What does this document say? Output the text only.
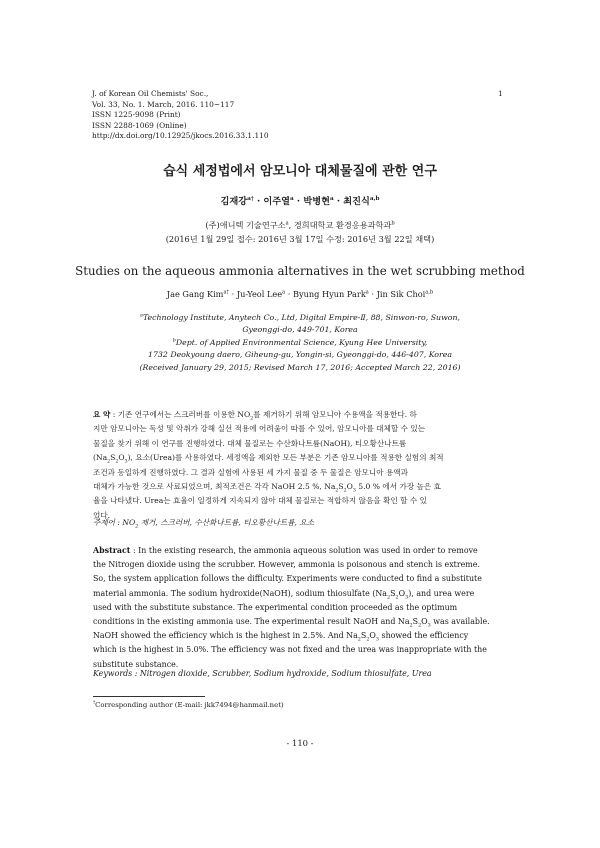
J. of Korean Oil Chemists' Soc.,
Vol. 33, No. 1. March, 2016. 110~117
ISSN 1225-9098 (Print)
ISSN 2288-1069 (Online)
http://dx.doi.org/10.12925/jkocs.2016.33.1.110
1
습식 세정법에서 암모니아 대체물질에 관한 연구
김재강$^{a\dagger}$ · 이주열$^a$ · 박병현$^a$ · 최진식$^{a,b}$
(주)애니텍 기술연구소$^a$, 경희대학교 환경응용과학과$^b$
(2016년 1월 29일 접수: 2016년 3월 17일 수정: 2016년 3월 22일 채택)
Studies on the aqueous ammonia alternatives in the wet scrubbing method
Jae Gang Kim$^{a\dagger}$ · Ju-Yeol Lee$^a$ · Byung Hyun Park$^a$ · Jin Sik Choi$^{a,b}$
$^a$Technology Institute, Anytech Co., Ltd, Digital Empire-Ⅱ, 88, Sinwon-ro, Suwon,
Gyeonggi-do, 449-701, Korea
$^b$Dept. of Applied Environmental Science, Kyung Hee University,
1732 Deokyoung daero, Giheung-gu, Yongin-si, Gyeonggi-do, 446-407, Korea
(Received January 29, 2015; Revised March 17, 2016; Accepted March 22, 2016)
요 약 : 기존 연구에서는 스크러버를 이용한 $NO_2$를 제거하기 위해 암모니아 수용액을 적용한다. 하
지만 암모니아는 독성 및 악취가 강해 실선 적용에 어려움이 따를 수 있어, 암모니아를 대체할 수 있는
물질을 찾기 위해 이 연구를 진행하였다. 대체 물질로는 수산화나트륨(NaOH), 티오황산나트륨
$(Na_2S_2O_3)$, 요소(Urea)를 사용하였다. 세정액을 제외한 모든 부분은 기존 암모니아를 적용한 실험의 최적
조건과 동일하게 진행하였다. 그 결과 실험에 사용된 세 가지 물질 중 두 물질은 암모니아 용액과
대체가 가능한 것으로 사료되었으며, 최적조건은 각각 NaOH 2.5 %, $Na_2S_2O_3$ 5.0 % 에서 가장 높은 효
율을 나타냈다. Urea는 효율이 일정하게 지속되지 않아 대체 물질로는 적합하지 않음을 확인 할 수 있
었다.
주제어 : $NO_2$ 제거, 스크러버, 수산화나트륨, 티오황산나트륨, 요소
Abstract : In the existing research, the ammonia aqueous solution was used in order to remove
the Nitrogen dioxide using the scrubber. However, ammonia is poisonous and stench is extreme.
So, the system application follows the difficulty. Experiments were conducted to find a substitute
material ammonia. The sodium hydroxide(NaOH), sodium thiosulfate $(Na_2S_2O_3)$, and urea were
used with the substitute substance. The experimental condition proceeded as the optimum
conditions in the existing ammonia use. The experimental result NaOH and $Na_2S_2O_3$ was available.
NaOH showed the efficiency which is the highest in 2.5%. And $Na_2S_2O_3$ showed the efficiency
which is the highest in 5.0%. The efficiency was not fixed and the urea was inappropriate with the
substitute substance.
Keywords : Nitrogen dioxide, Scrubber, Sodium hydroxide, Sodium thiosulfate, Urea
†Corresponding author (E-mail: jkk7494@hanmail.net)
- 110 -
